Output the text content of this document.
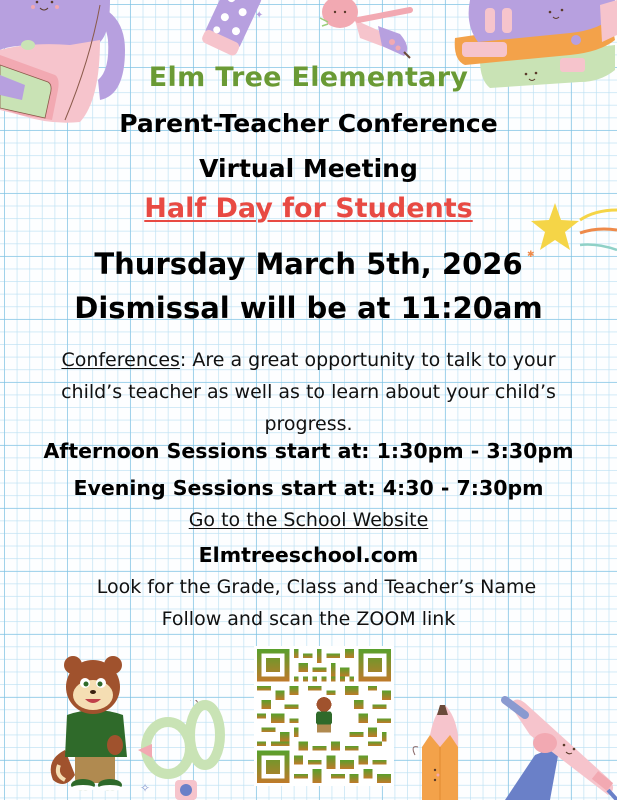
✦
✱
Elm Tree Elementary
Parent-Teacher Conference
Virtual Meeting
Half Day for Students
Thursday March 5th, 2026
Dismissal will be at 11:20am
Conferences: Are a great opportunity to talk to your
child’s teacher as well as to learn about your child’s
progress.
Afternoon Sessions start at: 1:30pm - 3:30pm
Evening Sessions start at: 4:30 - 7:30pm
Go to the School Website
Elmtreeschool.com
Look for the Grade, Class and Teacher’s Name
Follow and scan the ZOOM link
✧
